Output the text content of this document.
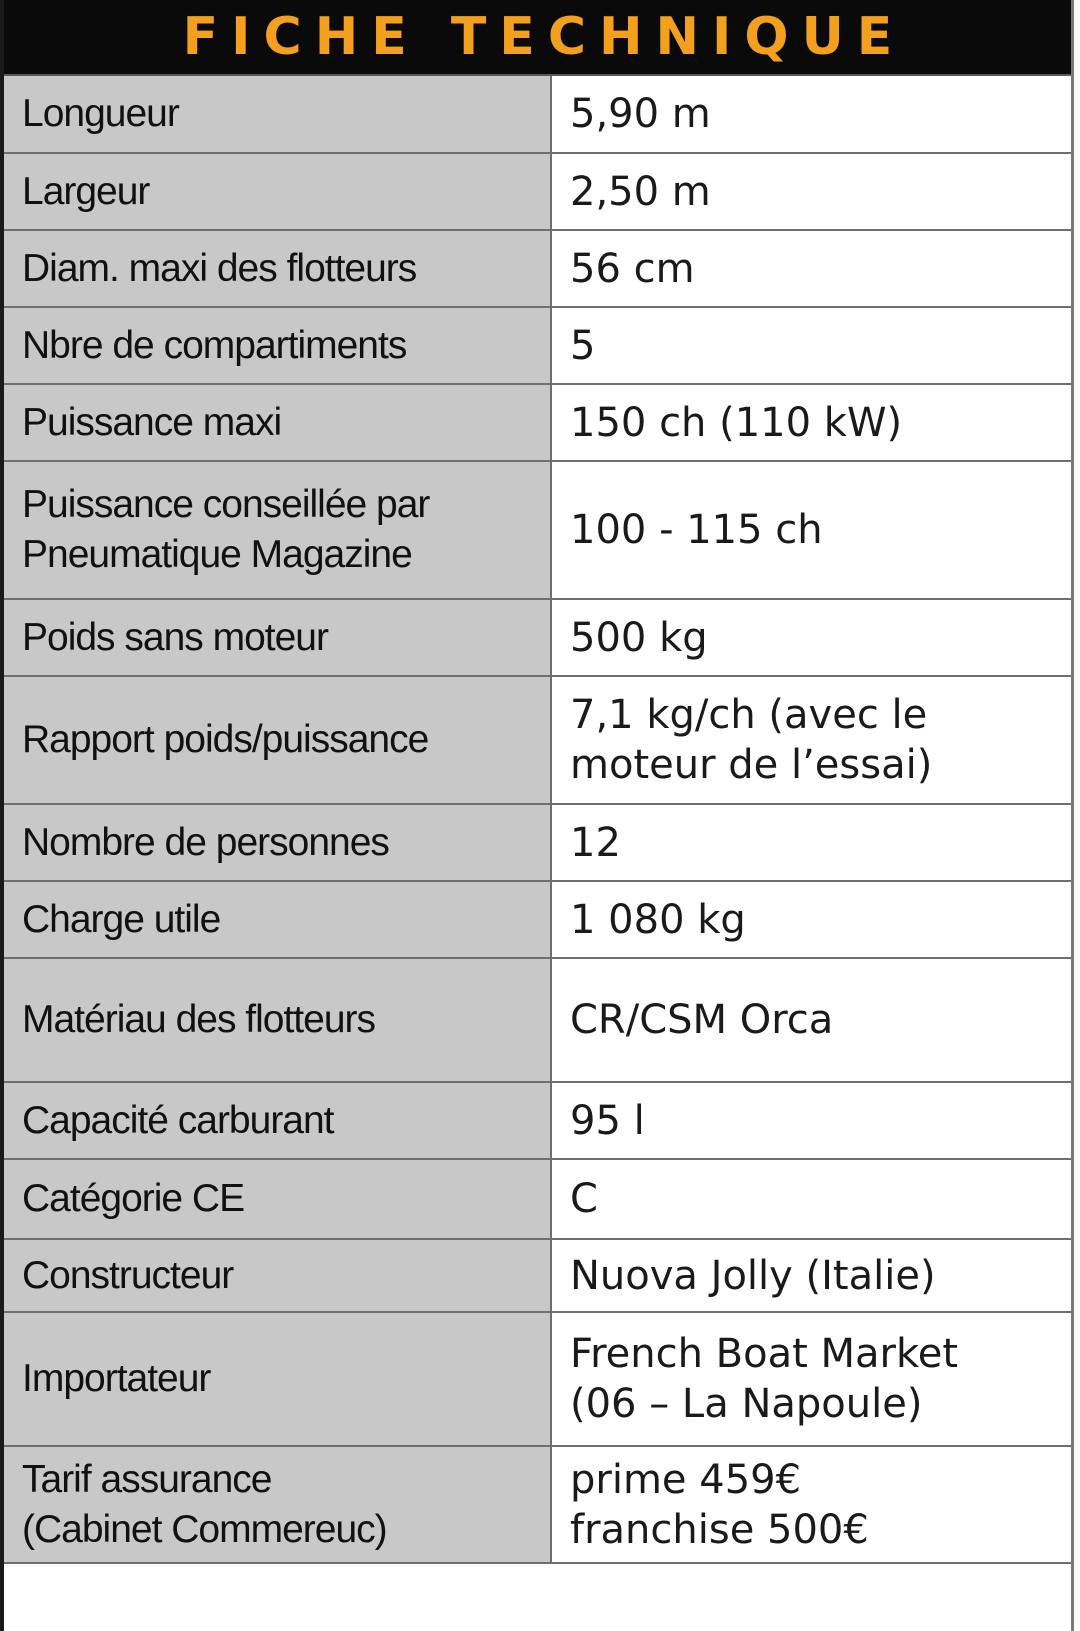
FICHE TECHNIQUE
Longueur	5,90 m

Largeur	2,50 m

Diam. maxi des flotteurs	56 cm

Nbre de compartiments	5

Puissance maxi	150 ch (110 kW)

Puissance conseillée par
Pneumatique Magazine	100 - 115 ch

Poids sans moteur	500 kg

Rapport poids/puissance	7,1 kg/ch (avec le
moteur de l’essai)

Nombre de personnes	12

Charge utile	1 080 kg

Matériau des flotteurs	CR/CSM Orca

Capacité carburant	95 l

Catégorie CE	C

Constructeur	Nuova Jolly (Italie)

Importateur	French Boat Market
(06 – La Napoule)

Tarif assurance
(Cabinet Commereuc)	prime 459€
franchise 500€
